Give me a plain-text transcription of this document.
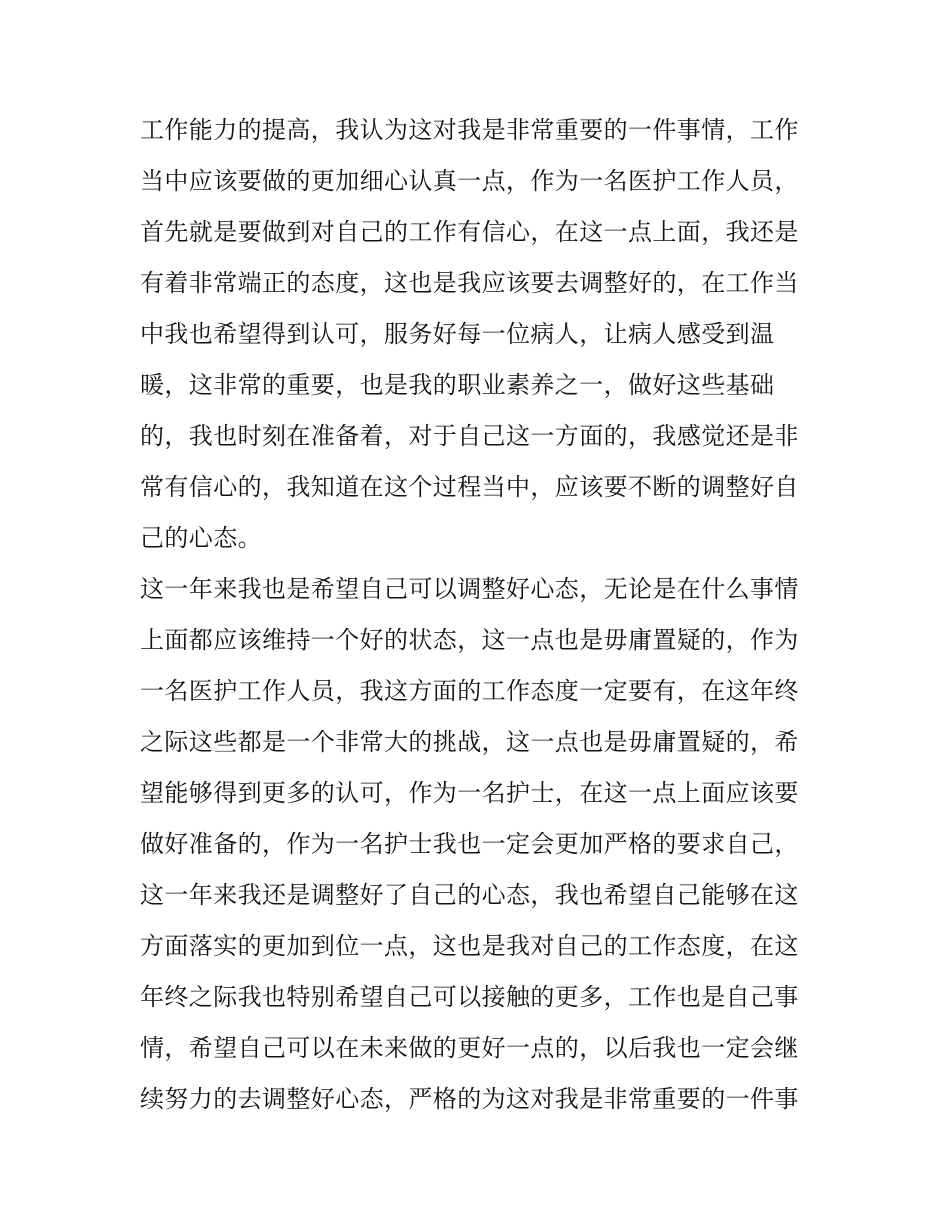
工作能力的提高，我认为这对我是非常重要的一件事情，工作
当中应该要做的更加细心认真一点，作为一名医护工作人员，
首先就是要做到对自己的工作有信心，在这一点上面，我还是
有着非常端正的态度，这也是我应该要去调整好的，在工作当
中我也希望得到认可，服务好每一位病人，让病人感受到温
暖，这非常的重要，也是我的职业素养之一，做好这些基础
的，我也时刻在准备着，对于自己这一方面的，我感觉还是非
常有信心的，我知道在这个过程当中，应该要不断的调整好自
己的心态。
这一年来我也是希望自己可以调整好心态，无论是在什么事情
上面都应该维持一个好的状态，这一点也是毋庸置疑的，作为
一名医护工作人员，我这方面的工作态度一定要有，在这年终
之际这些都是一个非常大的挑战，这一点也是毋庸置疑的，希
望能够得到更多的认可，作为一名护士，在这一点上面应该要
做好准备的，作为一名护士我也一定会更加严格的要求自己，
这一年来我还是调整好了自己的心态，我也希望自己能够在这
方面落实的更加到位一点，这也是我对自己的工作态度，在这
年终之际我也特别希望自己可以接触的更多，工作也是自己事
情，希望自己可以在未来做的更好一点的，以后我也一定会继
续努力的去调整好心态，严格的为这对我是非常重要的一件事
